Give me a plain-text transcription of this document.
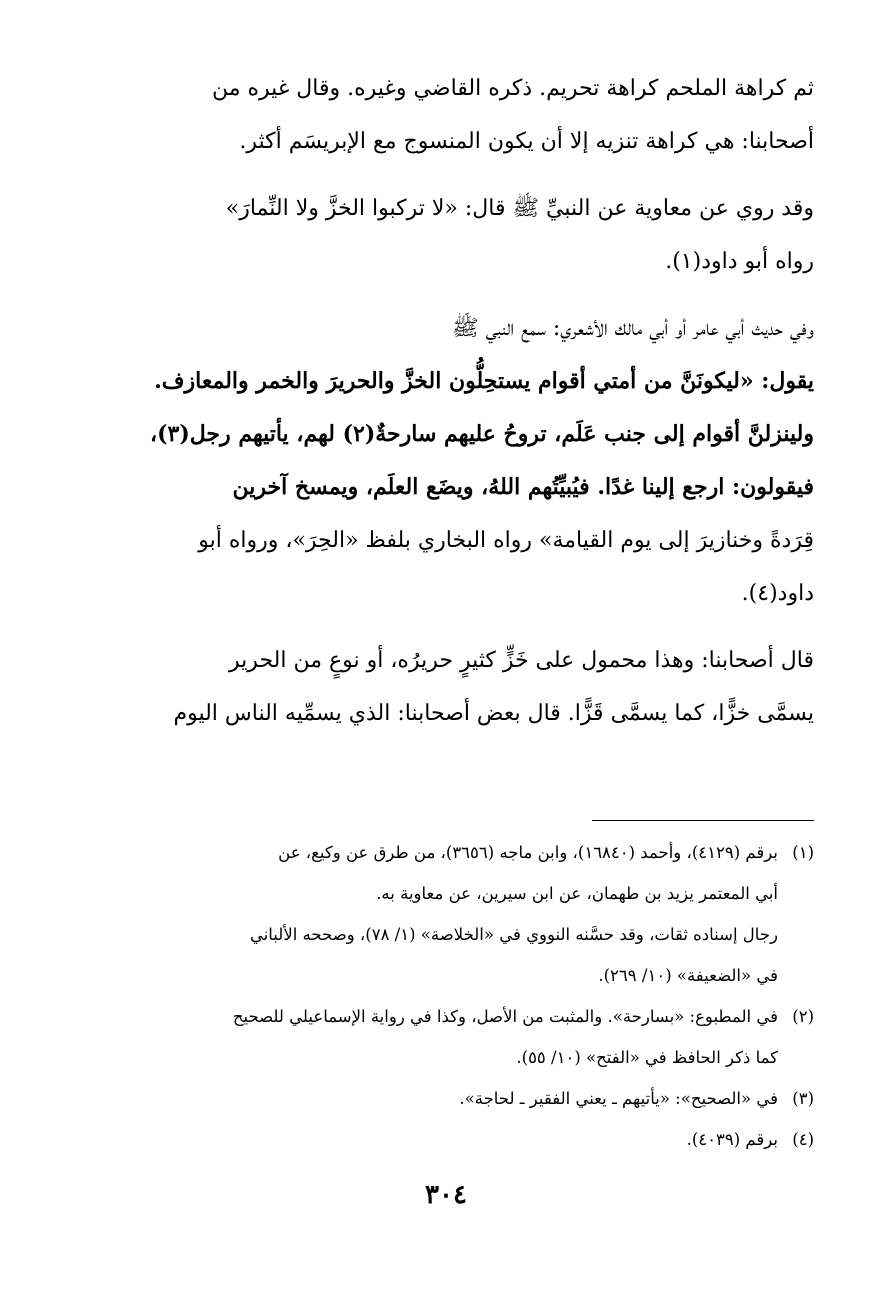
ثم كراهة الملحم كراهة تحريم. ذكره القاضي وغيره. وقال غيره من
أصحابنا: هي كراهة تنزيه إلا أن يكون المنسوج مع الإبريسَم أكثر.

وقد روي عن معاوية عن النبيِّ ﷺ قال: «لا تركبوا الخزَّ ولا النِّمارَ»
رواه أبو داود(١).

وفي حديث أبي عامر أو أبي مالك الأشعري: سمع النبي ﷺ
يقول: «ليكونَنَّ من أمتي أقوام يستحِلُّون الخزَّ والحريرَ والخمر والمعازف.
ولينزلنَّ أقوام إلى جنب عَلَم، تروحُ عليهم سارحةٌ(٢) لهم، يأتيهم رجل(٣)،
فيقولون: ارجع إلينا غدًا. فيُبيِّتُهم اللهُ، ويضَع العلَم، ويمسخ آخرين
قِرَدةً وخنازيرَ إلى يوم القيامة» رواه البخاري بلفظ «الحِرَ»، ورواه أبو
داود(٤).

قال أصحابنا: وهذا محمول على خَزٍّ كثيرٍ حريرُه، أو نوعٍ من الحرير
يسمَّى خزًّا، كما يسمَّى قَزًّا. قال بعض أصحابنا: الذي يسمِّيه الناس اليوم

(١)
برقم (٤١٢٩)، وأحمد (١٦٨٤٠)، وابن ماجه (٣٦٥٦)، من طرق عن وكيع، عن
أبي المعتمر يزيد بن طهمان، عن ابن سيرين، عن معاوية به.
رجال إسناده ثقات، وقد حسَّنه النووي في «الخلاصة» (١/ ٧٨)، وصححه الألباني
في «الضعيفة» (١٠/ ٢٦٩).
(٢)
في المطبوع: «بسارحة». والمثبت من الأصل، وكذا في رواية الإسماعيلي للصحيح
كما ذكر الحافظ في «الفتح» (١٠/ ٥٥).
(٣)
في «الصحيح»: «يأتيهم ـ يعني الفقير ـ لحاجة».
(٤)
برقم (٤٠٣٩).
٣٠٤
